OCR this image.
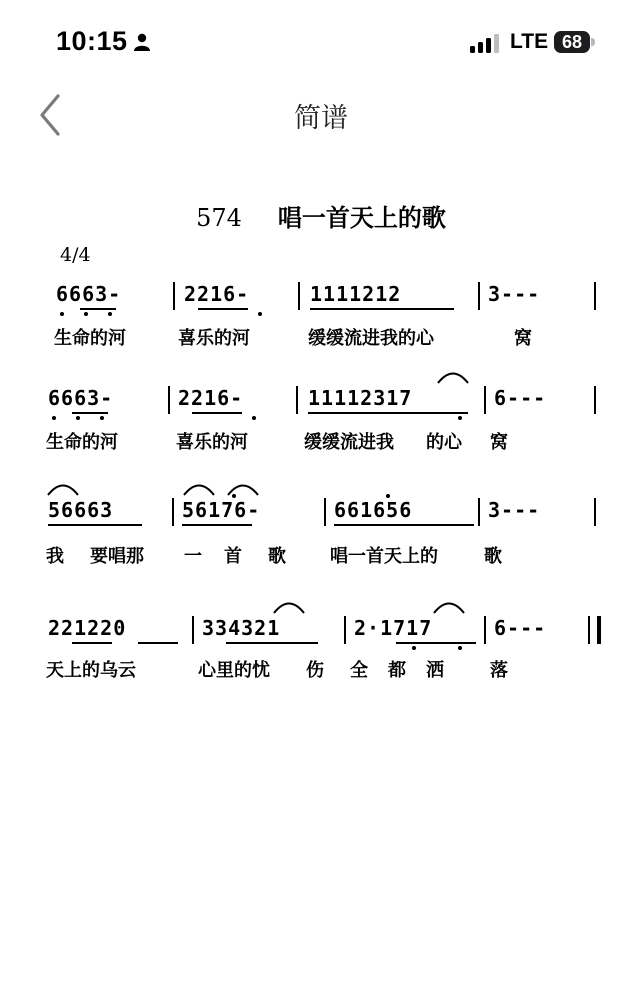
10:15	LTE 68
简谱
574 唱一首天上的歌
4/4
6663-	2216-	1111212	3---
生命的河	喜乐的河	缓缓流进我的心	窝
6663-	2216-	11112317	6---
生命的河	喜乐的河	缓缓流进我 的心 窝
56663	56176-	661656	3---
我 要唱那 一 首 歌 唱一首天上的	歌
221220	334321	2·1717	6---
天上的乌云	心里的忧 伤 全 都 洒	落
